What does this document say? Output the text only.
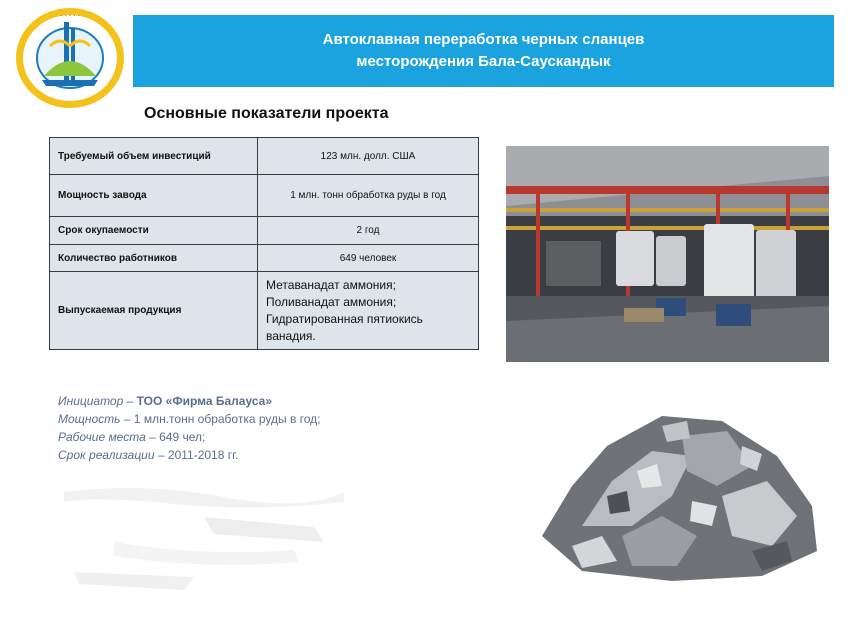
· · · · ·
Автоклавная переработка черных сланцев
месторождения Бала-Саускандык
Основные показатели проекта
Требуемый объем инвестиций	123 млн. долл. США
Мощность завода	1 млн. тонн обработка руды в год
Срок окупаемости	2 год
Количество работников	649 человек
Выпускаемая продукция	Метаванадат аммония;
Поливанадат аммония;
Гидратированная пятиокись
ванадия.
Инициатор – ТОО «Фирма Балауса»
Мощность – 1 млн.тонн обработка руды в год;
Рабочие места – 649 чел;
Срок реализации – 2011-2018 гг.
